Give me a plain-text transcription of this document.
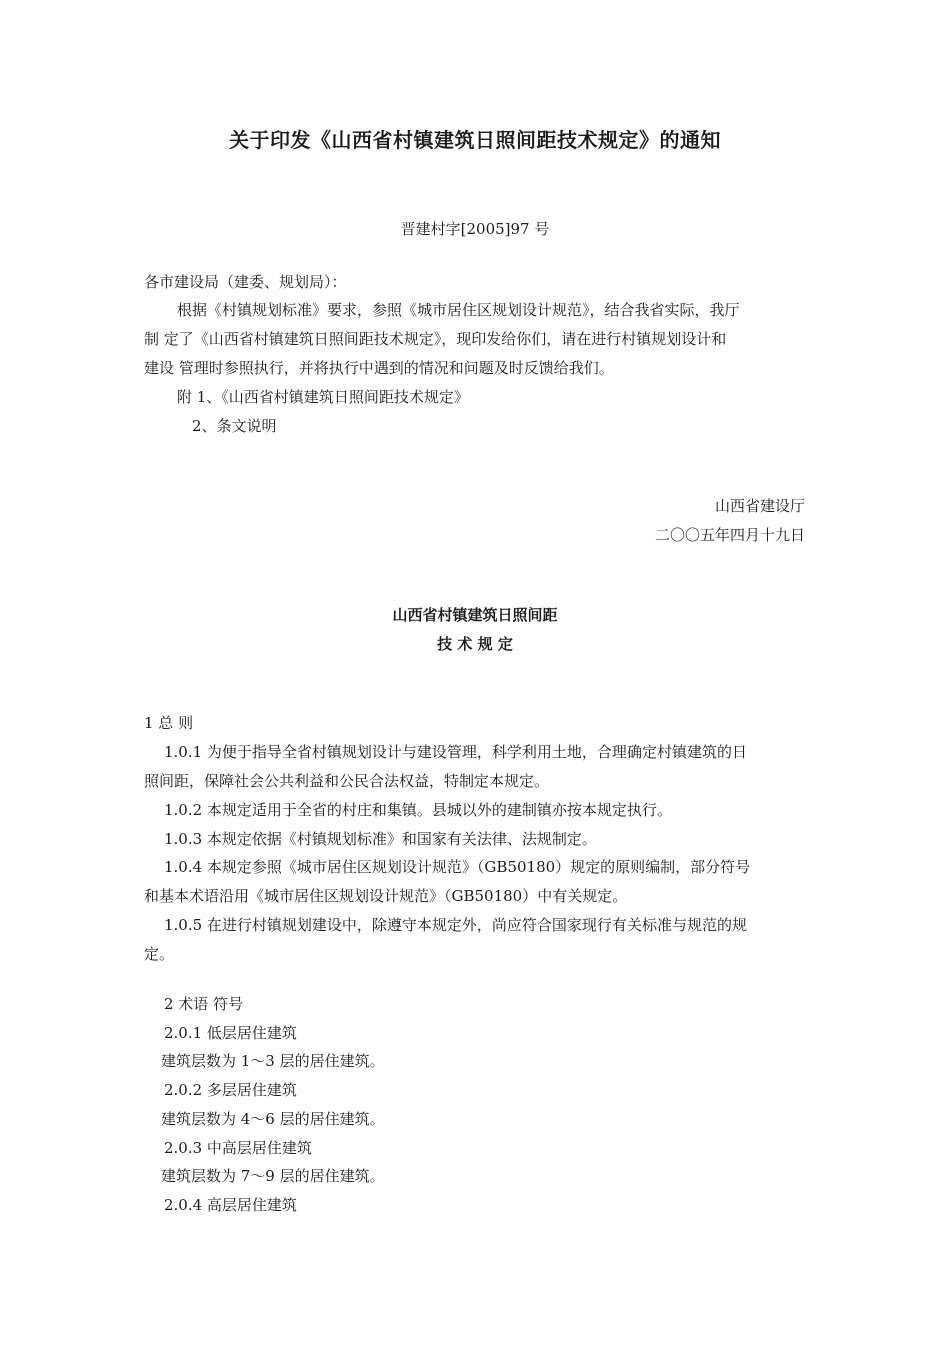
关于印发《山西省村镇建筑日照间距技术规定》的通知
晋建村字[2005]97 号
各市建设局（建委、规划局）：
根据《村镇规划标准》要求，参照《城市居住区规划设计规范》，结合我省实际，我厅
制 定了《山西省村镇建筑日照间距技术规定》，现印发给你们，请在进行村镇规划设计和
建设 管理时参照执行，并将执行中遇到的情况和问题及时反馈给我们。
附 1、《山西省村镇建筑日照间距技术规定》
2、条文说明
山西省建设厅
二〇〇五年四月十九日
山西省村镇建筑日照间距
技 术 规 定
1 总 则
1.0.1 为便于指导全省村镇规划设计与建设管理，科学利用土地，合理确定村镇建筑的日
照间距，保障社会公共利益和公民合法权益，特制定本规定。
1.0.2 本规定适用于全省的村庄和集镇。县城以外的建制镇亦按本规定执行。
1.0.3 本规定依据《村镇规划标准》和国家有关法律、法规制定。
1.0.4 本规定参照《城市居住区规划设计规范》（GB50180）规定的原则编制，部分符号
和基本术语沿用《城市居住区规划设计规范》（GB50180）中有关规定。
1.0.5 在进行村镇规划建设中，除遵守本规定外，尚应符合国家现行有关标准与规范的规
定。
2 术语 符号
2.0.1 低层居住建筑
建筑层数为 1～3 层的居住建筑。
2.0.2 多层居住建筑
建筑层数为 4～6 层的居住建筑。
2.0.3 中高层居住建筑
建筑层数为 7～9 层的居住建筑。
2.0.4 高层居住建筑
